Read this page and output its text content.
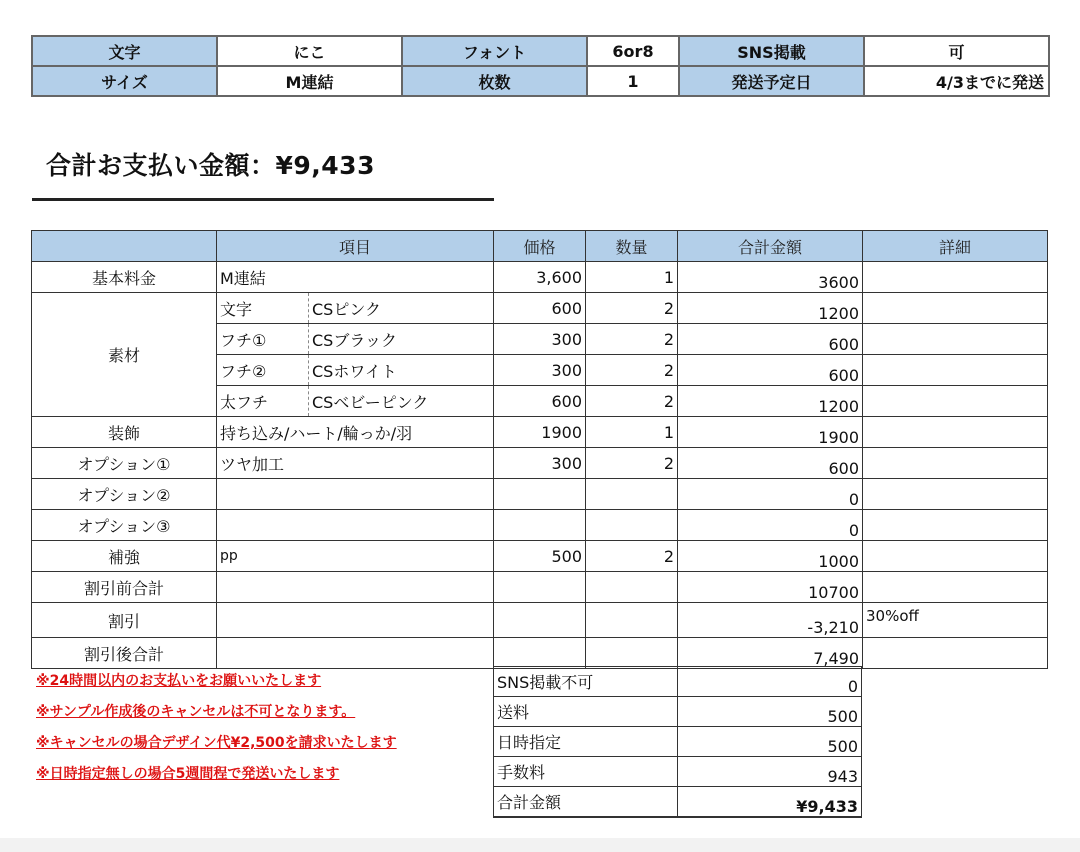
文字	にこ	フォント	6or8	SNS掲載	可
サイズ	M連結	枚数	1	発送予定日	4/3までに発送
合計お支払い金額：¥9,433
	項目		価格	数量	合計金額	詳細
基本料金	M連結		3,600	1	3600	
素材	文字	CSピンク	600	2	1200	
	フチ①	CSブラック	300	2	600	
	フチ②	CSホワイト	300	2	600	
	太フチ	CSベビーピンク	600	2	1200	
装飾	持ち込み/ハート/輪っか/羽		1900	1	1900	
オプション①	ツヤ加工		300	2	600	
オプション②					0	
オプション③					0	
補強	pp		500	2	1000	
割引前合計					10700	
割引					-3,210	30%off
割引後合計					7,490	
※24時間以内のお支払いをお願いいたします
※サンプル作成後のキャンセルは不可となります。
※キャンセルの場合デザイン代¥2,500を請求いたします
※日時指定無しの場合5週間程で発送いたします
SNS掲載不可	0
送料	500
日時指定	500
手数料	943
合計金額	¥9,433
